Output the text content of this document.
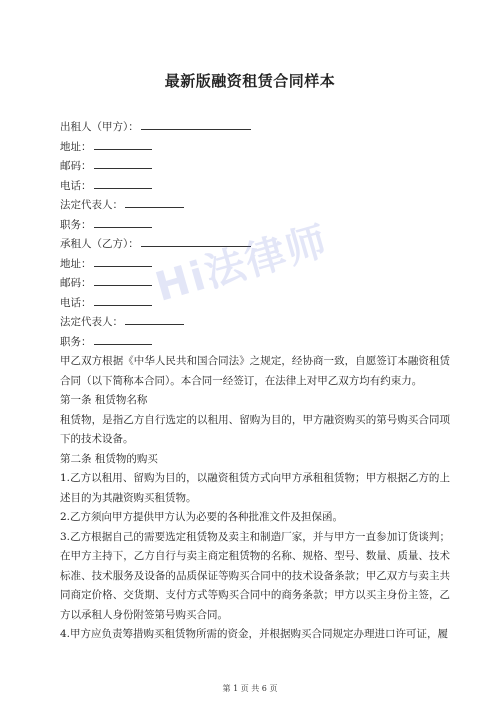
最新版融资租赁合同样本
出租人（甲方）：
地址：
邮码：
电话：
法定代表人：
职务：
承租人（乙方）：
地址：
邮码：
电话：
法定代表人：
职务：

甲乙双方根据《中华人民共和国合同法》之规定，经协商一致，自愿签订本融资租赁合同（以下简称本合同）。本合同一经签订，在法律上对甲乙双方均有约束力。

第一条 租赁物名称

租赁物，是指乙方自行选定的以租用、留购为目的，甲方融资购买的第号购买合同项下的技术设备。

第二条 租赁物的购买

1.乙方以租用、留购为目的，以融资租赁方式向甲方承租租赁物；甲方根据乙方的上述目的为其融资购买租赁物。

2.乙方须向甲方提供甲方认为必要的各种批准文件及担保函。

3.乙方根据自己的需要选定租赁物及卖主和制造厂家，并与甲方一直参加订货谈判；在甲方主持下，乙方自行与卖主商定租赁物的名称、规格、型号、数量、质量、技术标准、技术服务及设备的品质保证等购买合同中的技术设备条款；甲乙双方与卖主共同商定价格、交货期、支付方式等购买合同中的商务条款；甲方以买主身份主签，乙方以承租人身份附签第号购买合同。

4.甲方应负责筹措购买租赁物所需的资金，并根据购买合同规定办理进口许可证，履

Hi法律师
第 1 页 共 6 页
